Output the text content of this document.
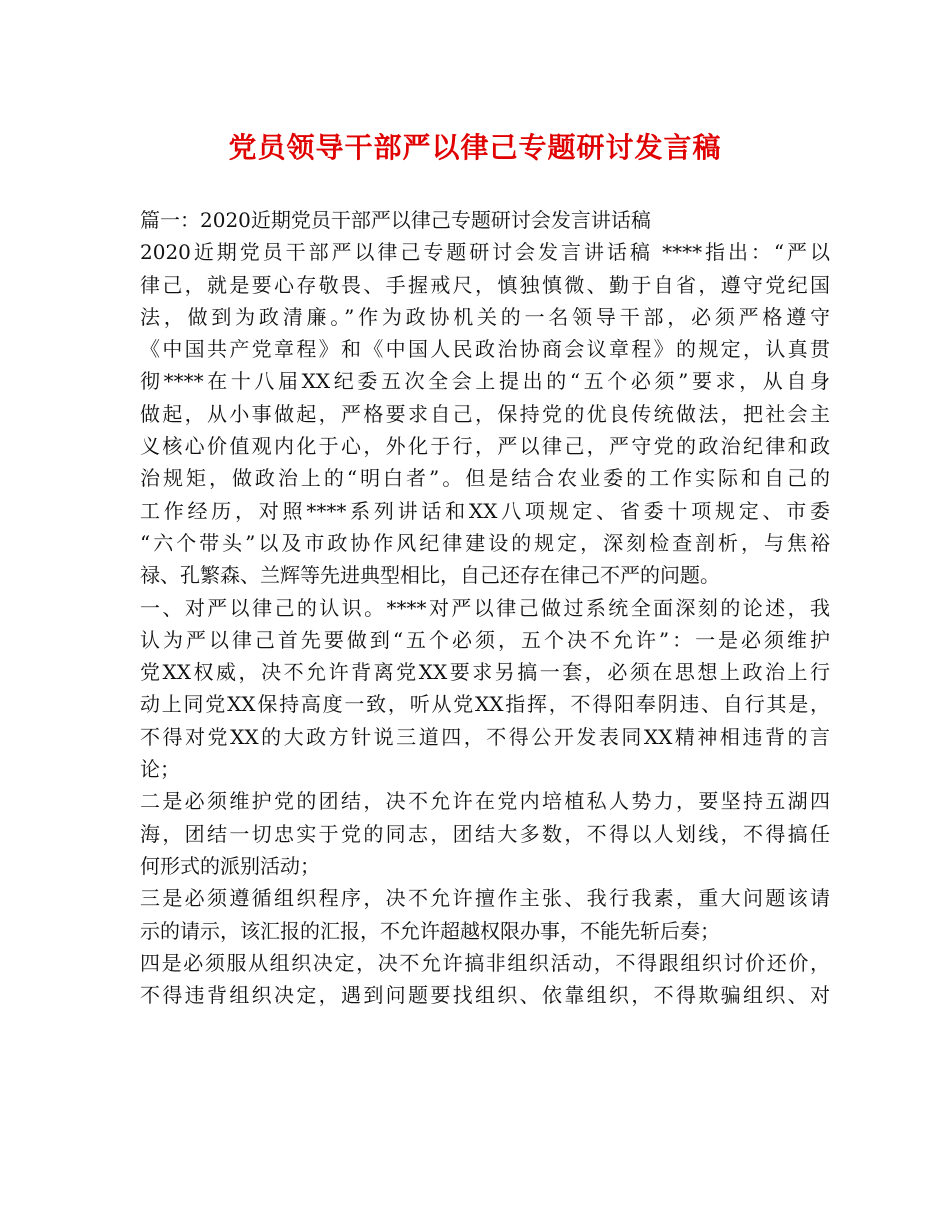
党员领导干部严以律己专题研讨发言稿
篇一：2020近期党员干部严以律己专题研讨会发言讲话稿
2020近期党员干部严以律己专题研讨会发言讲话稿 ****指出：“严以
律己，就是要心存敬畏、手握戒尺，慎独慎微、勤于自省，遵守党纪国
法，做到为政清廉。”作为政协机关的一名领导干部，必须严格遵守
《中国共产党章程》和《中国人民政治协商会议章程》的规定，认真贯
彻****在十八届XX纪委五次全会上提出的“五个必须”要求，从自身
做起，从小事做起，严格要求自己，保持党的优良传统做法，把社会主
义核心价值观内化于心，外化于行，严以律己，严守党的政治纪律和政
治规矩，做政治上的“明白者”。但是结合农业委的工作实际和自己的
工作经历，对照****系列讲话和XX八项规定、省委十项规定、市委
“六个带头”以及市政协作风纪律建设的规定，深刻检查剖析，与焦裕
禄、孔繁森、兰辉等先进典型相比，自己还存在律己不严的问题。
一、对严以律己的认识。****对严以律己做过系统全面深刻的论述，我
认为严以律己首先要做到“五个必须，五个决不允许”：一是必须维护
党XX权威，决不允许背离党XX要求另搞一套，必须在思想上政治上行
动上同党XX保持高度一致，听从党XX指挥，不得阳奉阴违、自行其是，
不得对党XX的大政方针说三道四，不得公开发表同XX精神相违背的言
论；
二是必须维护党的团结，决不允许在党内培植私人势力，要坚持五湖四
海，团结一切忠实于党的同志，团结大多数，不得以人划线，不得搞任
何形式的派别活动；
三是必须遵循组织程序，决不允许擅作主张、我行我素，重大问题该请
示的请示，该汇报的汇报，不允许超越权限办事，不能先斩后奏；
四是必须服从组织决定，决不允许搞非组织活动，不得跟组织讨价还价，
不得违背组织决定，遇到问题要找组织、依靠组织，不得欺骗组织、对
